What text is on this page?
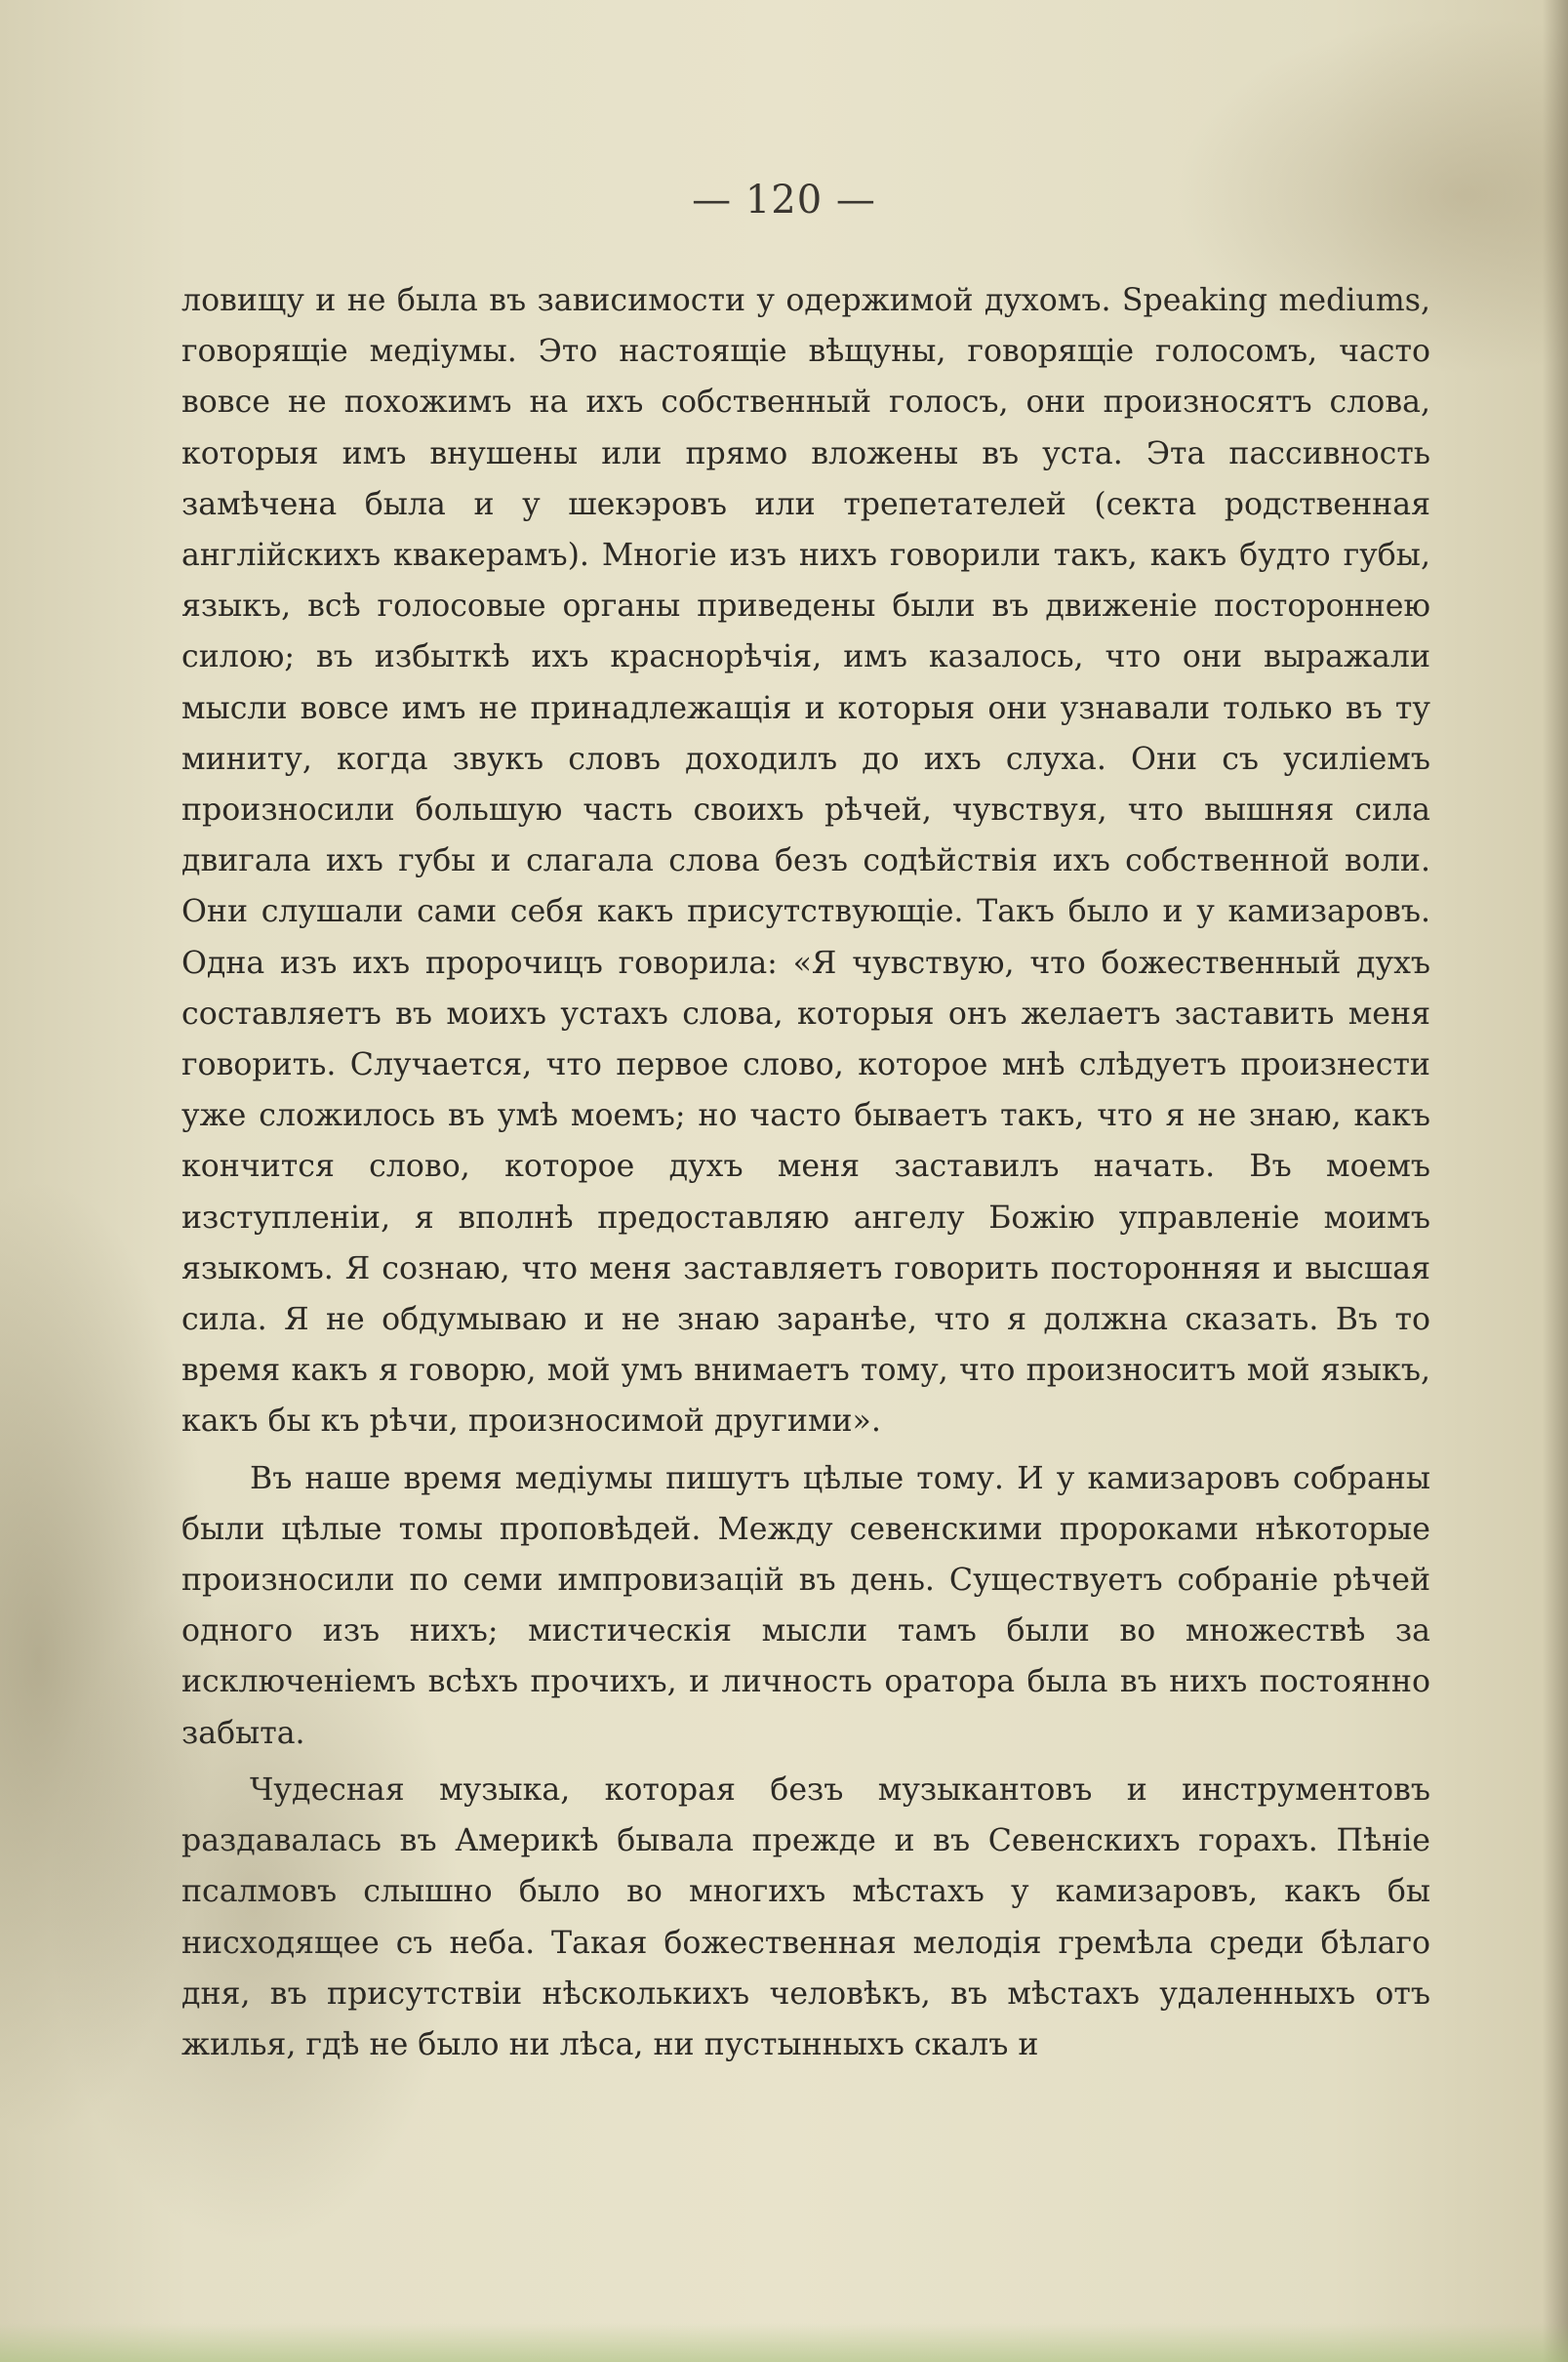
— 120 —

ловищу и не была въ зависимости у одержимой духомъ. Speaking mediums, говорящіе медіумы. Это настоящіе вѣщуны, говорящіе голосомъ, часто вовсе не похожимъ на ихъ собственный голосъ, они произносятъ слова, которыя имъ внушены или прямо вложены въ уста. Эта пассивность замѣчена была и у шекэровъ или трепетателей (секта родственная англійскихъ квакерамъ). Многіе изъ нихъ говорили такъ, какъ будто губы, языкъ, всѣ голосовые органы приведены были въ движеніе постороннею силою; въ избыткѣ ихъ краснорѣчія, имъ казалось, что они выражали мысли вовсе имъ не принадлежащія и которыя они узнавали только въ ту миниту, когда звукъ словъ доходилъ до ихъ слуха. Они съ усиліемъ произносили большую часть своихъ рѣчей, чувствуя, что вышняя сила двигала ихъ губы и слагала слова безъ содѣйствія ихъ собственной воли. Они слушали сами себя какъ присутствующіе. Такъ было и у камизаровъ. Одна изъ ихъ пророчицъ говорила: «Я чувствую, что божественный духъ составляетъ въ моихъ устахъ слова, которыя онъ желаетъ заставить меня говорить. Случается, что первое слово, которое мнѣ слѣдуетъ произнести уже сложилось въ умѣ моемъ; но часто бываетъ такъ, что я не знаю, какъ кончится слово, которое духъ меня заставилъ начать. Въ моемъ изступленіи, я вполнѣ предоставляю ангелу Божію управленіе моимъ языкомъ. Я сознаю, что меня заставляетъ говорить посторонняя и высшая сила. Я не обдумываю и не знаю заранѣе, что я должна сказать. Въ то время какъ я говорю, мой умъ внимаетъ тому, что произноситъ мой языкъ, какъ бы къ рѣчи, произносимой другими».

Въ наше время медіумы пишутъ цѣлые тому. И у камизаровъ собраны были цѣлые томы проповѣдей. Между севенскими пророками нѣкоторые произносили по семи импровизацій въ день. Существуетъ собраніе рѣчей одного изъ нихъ; мистическія мысли тамъ были во множествѣ за исключеніемъ всѣхъ прочихъ, и личность оратора была въ нихъ постоянно забыта.

Чудесная музыка, которая безъ музыкантовъ и инструментовъ раздавалась въ Америкѣ бывала прежде и въ Севенскихъ горахъ. Пѣніе псалмовъ слышно было во многихъ мѣстахъ у камизаровъ, какъ бы нисходящее съ неба. Такая божественная мелодія гремѣла среди бѣлаго дня, въ присутствіи нѣсколькихъ человѣкъ, въ мѣстахъ удаленныхъ отъ жилья, гдѣ не было ни лѣса, ни пустынныхъ скалъ и
